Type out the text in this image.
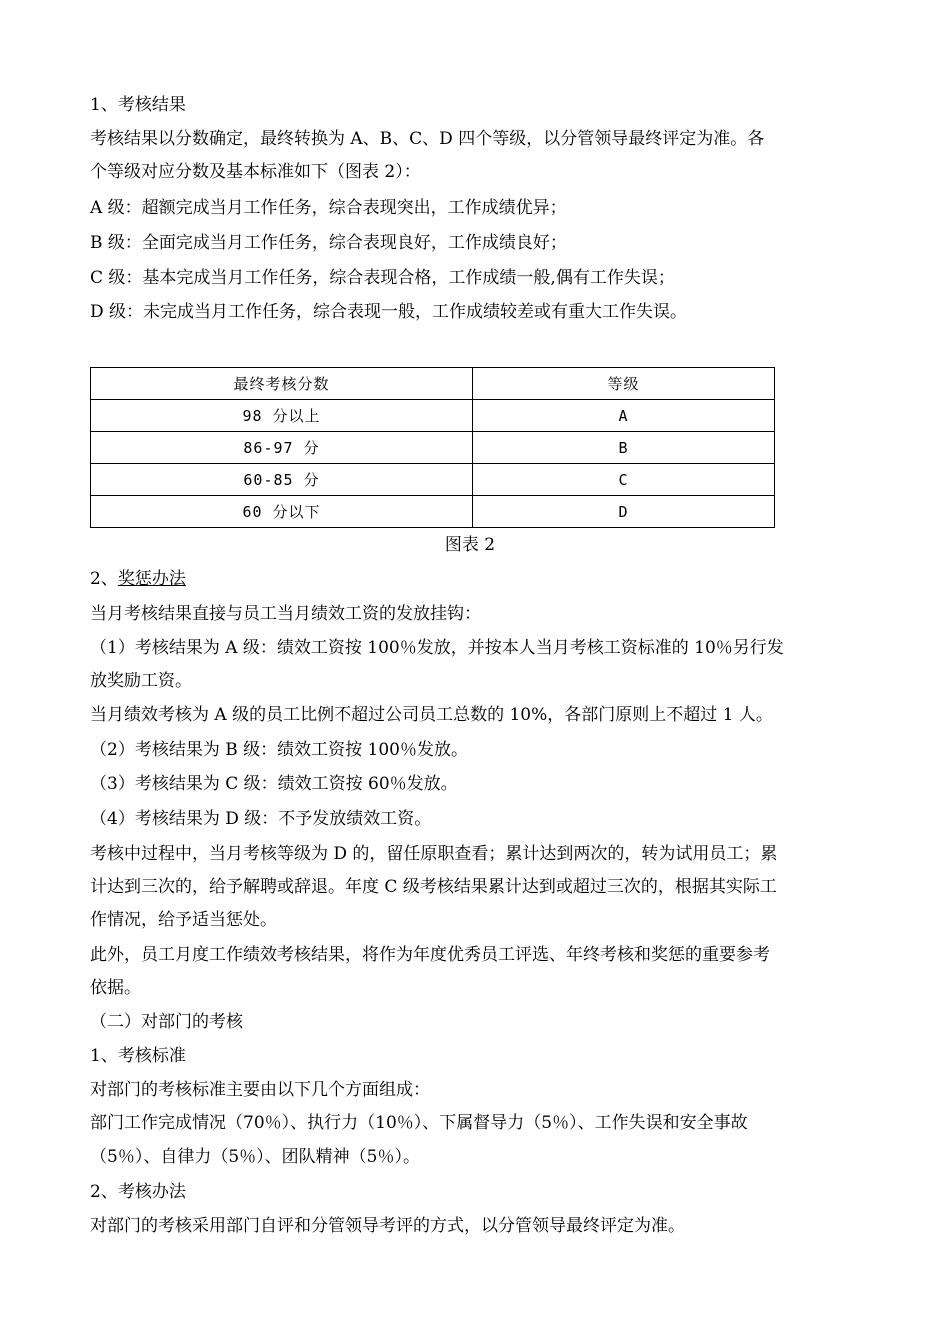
1、考核结果
考核结果以分数确定，最终转换为 A、B、C、D 四个等级，以分管领导最终评定为准。各
个等级对应分数及基本标准如下（图表 2）：
A 级：超额完成当月工作任务，综合表现突出，工作成绩优异；
B 级：全面完成当月工作任务，综合表现良好，工作成绩良好；
C 级：基本完成当月工作任务，综合表现合格，工作成绩一般,偶有工作失误；
D 级：未完成当月工作任务，综合表现一般，工作成绩较差或有重大工作失误。
最终考核分数	等级
98 分以上	A
86-97 分	B
60-85 分	C
60 分以下	D
图表 2
2、奖惩办法
当月考核结果直接与员工当月绩效工资的发放挂钩：
（1）考核结果为 A 级：绩效工资按 100％发放，并按本人当月考核工资标准的 10％另行发
放奖励工资。
当月绩效考核为 A 级的员工比例不超过公司员工总数的 10%，各部门原则上不超过 1 人。
（2）考核结果为 B 级：绩效工资按 100％发放。
（3）考核结果为 C 级：绩效工资按 60％发放。
（4）考核结果为 D 级：不予发放绩效工资。
考核中过程中，当月考核等级为 D 的，留任原职查看；累计达到两次的，转为试用员工；累
计达到三次的，给予解聘或辞退。年度 C 级考核结果累计达到或超过三次的，根据其实际工
作情况，给予适当惩处。
此外，员工月度工作绩效考核结果，将作为年度优秀员工评选、年终考核和奖惩的重要参考
依据。
（二）对部门的考核
1、考核标准
对部门的考核标准主要由以下几个方面组成：
部门工作完成情况（70％）、执行力（10％）、下属督导力（5％）、工作失误和安全事故
（5％）、自律力（5％）、团队精神（5％）。
2、考核办法
对部门的考核采用部门自评和分管领导考评的方式，以分管领导最终评定为准。
